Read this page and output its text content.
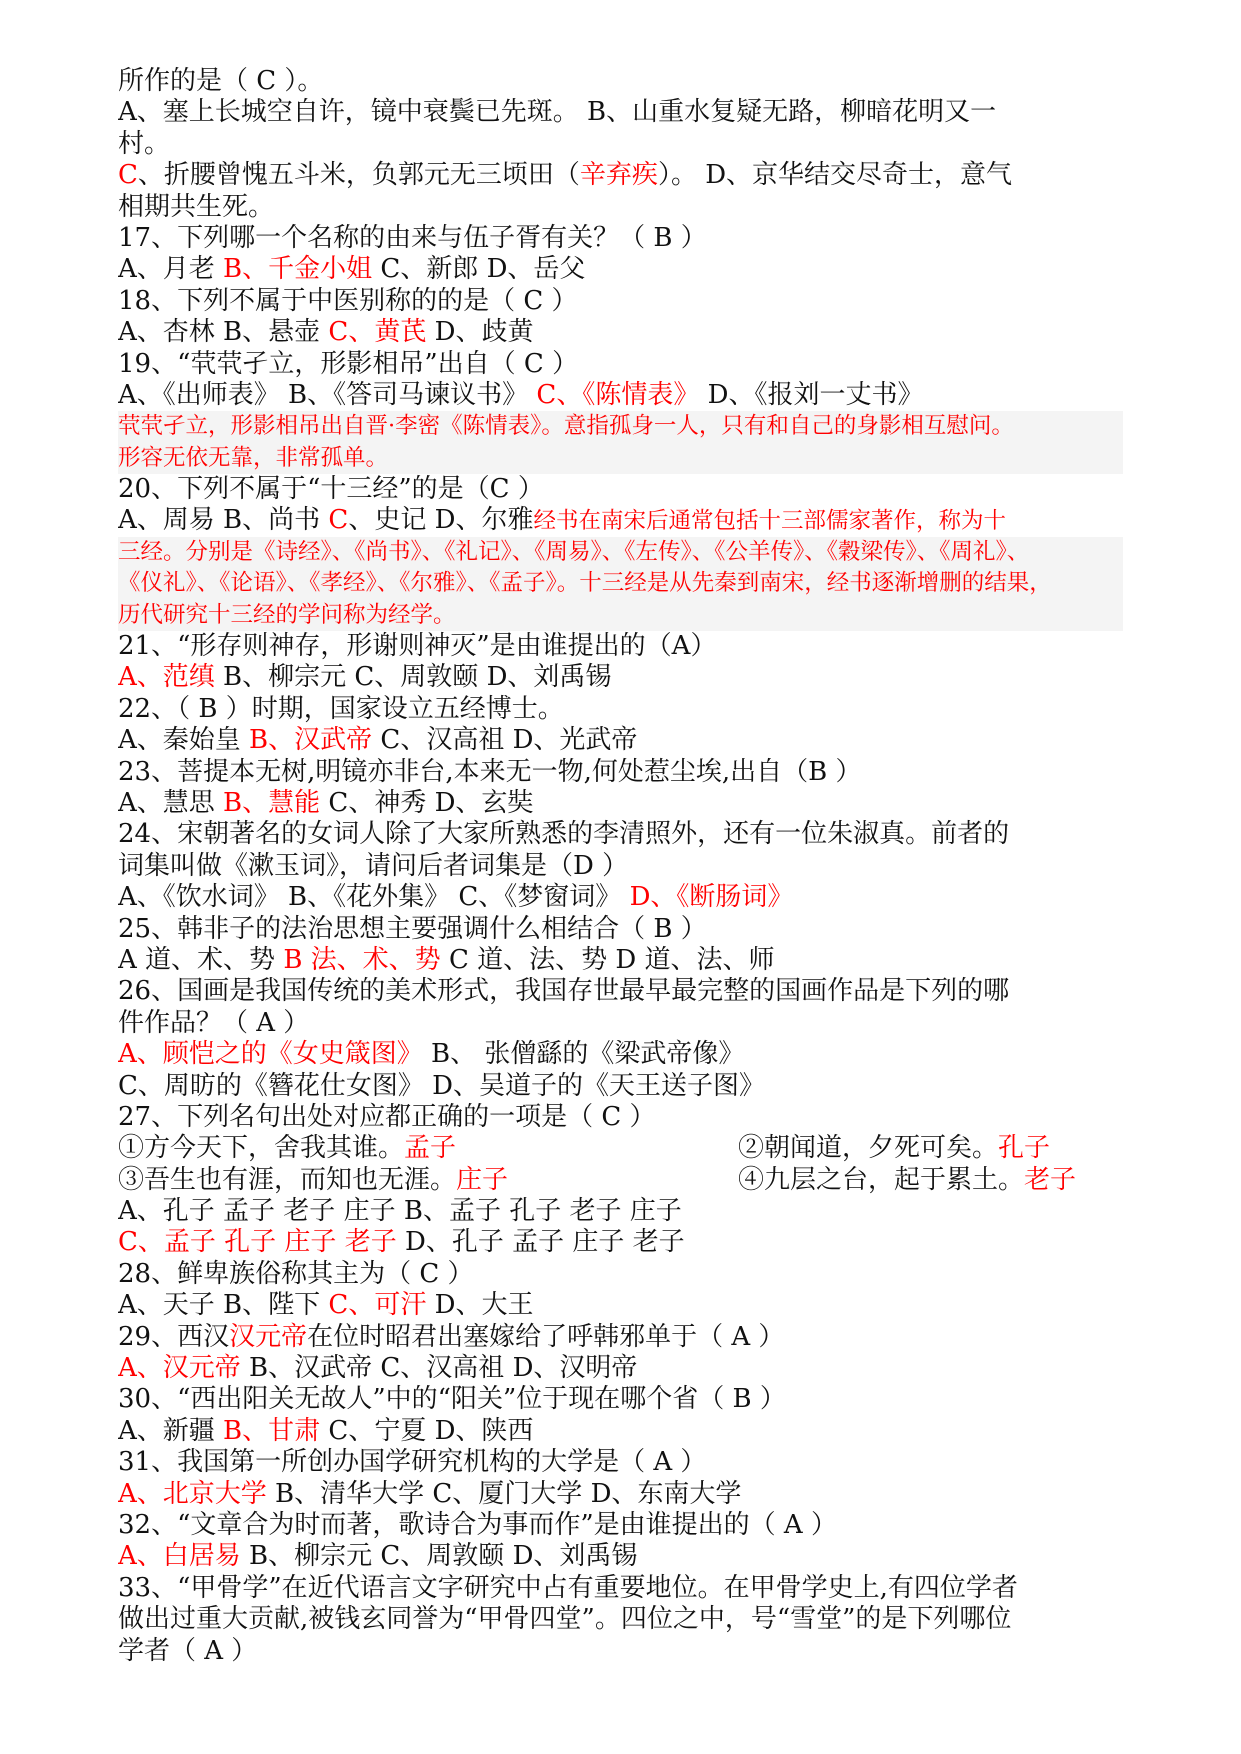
所作的是（ C ）。
A、塞上长城空自许，镜中衰鬓已先斑。 B、山重水复疑无路，柳暗花明又一
村。
C、折腰曾愧五斗米，负郭元无三顷田（辛弃疾）。 D、京华结交尽奇士，意气
相期共生死。
17、下列哪一个名称的由来与伍子胥有关？（ B ）
A、月老 B、千金小姐 C、新郎 D、岳父
18、下列不属于中医别称的的是（ C ）
A、杏林 B、悬壶 C、黄芪 D、歧黄
19、“茕茕孑立，形影相吊”出自（ C ）
A、《出师表》 B、《答司马谏议书》 C、《陈情表》 D、《报刘一丈书》
茕茕孑立，形影相吊出自晋·李密《陈情表》。意指孤身一人，只有和自己的身影相互慰问。
形容无依无靠，非常孤单。
20、下列不属于“十三经”的是（C ）
A、周易 B、尚书 C、史记 D、尔雅经书在南宋后通常包括十三部儒家著作，称为十
三经。分别是《诗经》、《尚书》、《礼记》、《周易》、《左传》、《公羊传》、《穀梁传》、《周礼》、
《仪礼》、《论语》、《孝经》、《尔雅》、《孟子》。十三经是从先秦到南宋，经书逐渐增删的结果，
历代研究十三经的学问称为经学。
21、“形存则神存，形谢则神灭”是由谁提出的（A）
A、范缜 B、柳宗元 C、周敦颐 D、刘禹锡
22、（ B ）时期，国家设立五经博士。
A、秦始皇 B、汉武帝 C、汉高祖 D、光武帝
23、菩提本无树,明镜亦非台,本来无一物,何处惹尘埃,出自（B ）
A、慧思 B、慧能 C、神秀 D、玄奘
24、宋朝著名的女词人除了大家所熟悉的李清照外，还有一位朱淑真。前者的
词集叫做《漱玉词》，请问后者词集是（D ）
A、《饮水词》 B、《花外集》 C、《梦窗词》 D、《断肠词》
25、韩非子的法治思想主要强调什么相结合（ B ）
A 道、术、势 B 法、术、势 C 道、法、势 D 道、法、师
26、国画是我国传统的美术形式，我国存世最早最完整的国画作品是下列的哪
件作品？（ A ）
A、顾恺之的《女史箴图》 B、 张僧繇的《梁武帝像》
C、周昉的《簪花仕女图》 D、吴道子的《天王送子图》
27、下列名句出处对应都正确的一项是（ C ）
①方今天下，舍我其谁。孟子	②朝闻道，夕死可矣。孔子
③吾生也有涯，而知也无涯。庄子	④九层之台，起于累土。老子
A、孔子 孟子 老子 庄子 B、孟子 孔子 老子 庄子
C、孟子 孔子 庄子 老子 D、孔子 孟子 庄子 老子
28、鲜卑族俗称其主为（ C ）
A、天子 B、陛下 C、可汗 D、大王
29、西汉汉元帝在位时昭君出塞嫁给了呼韩邪单于（ A ）
A、汉元帝 B、汉武帝 C、汉高祖 D、汉明帝
30、“西出阳关无故人”中的“阳关”位于现在哪个省（ B ）
A、新疆 B、甘肃 C、宁夏 D、陕西
31、我国第一所创办国学研究机构的大学是（ A ）
A、北京大学 B、清华大学 C、厦门大学 D、东南大学
32、“文章合为时而著，歌诗合为事而作”是由谁提出的（ A ）
A、白居易 B、柳宗元 C、周敦颐 D、刘禹锡
33、“甲骨学”在近代语言文字研究中占有重要地位。在甲骨学史上,有四位学者
做出过重大贡献,被钱玄同誉为“甲骨四堂”。四位之中，号“雪堂”的是下列哪位
学者（ A ）
